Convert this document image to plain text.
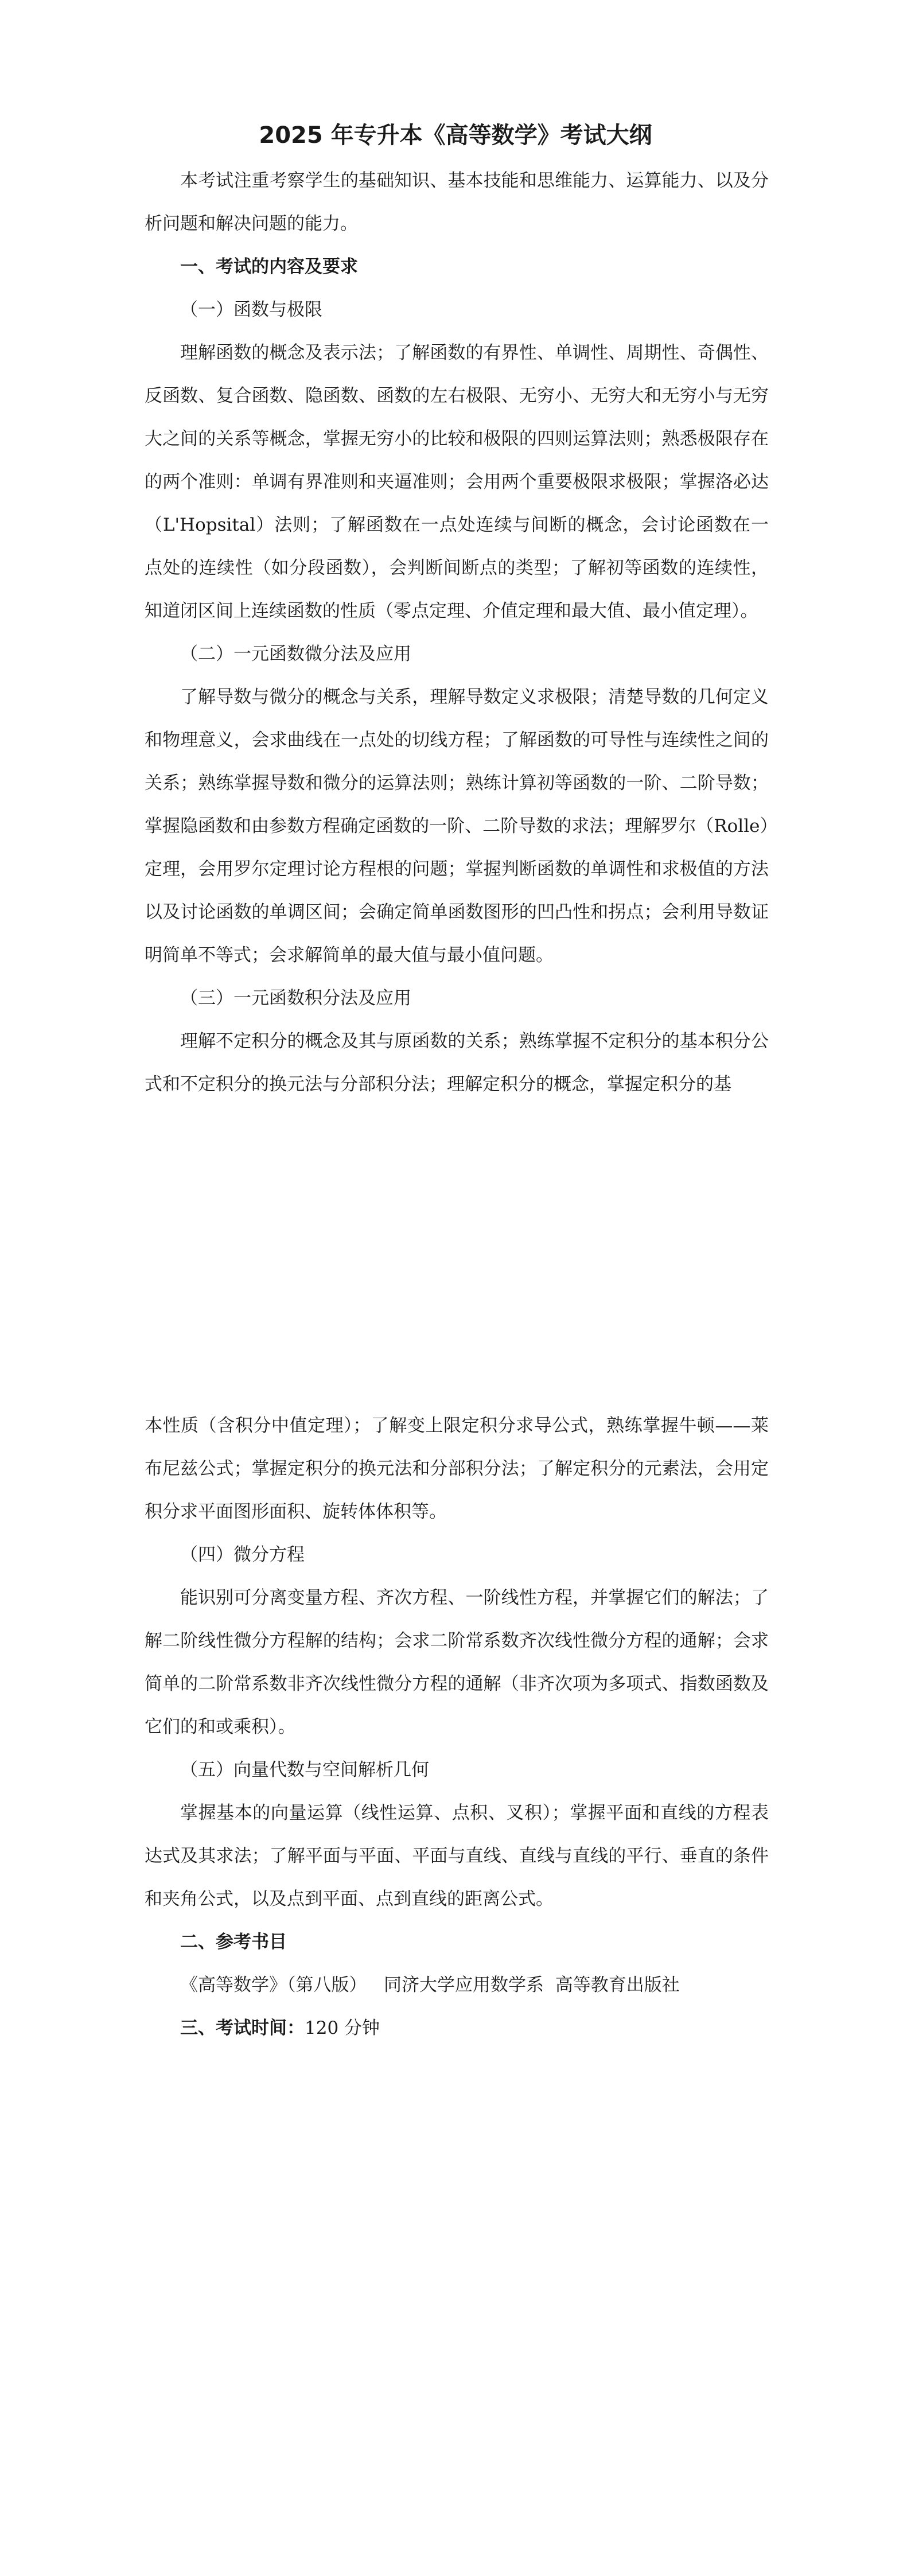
2025 年专升本《高等数学》考试大纲

本考试注重考察学生的基础知识、基本技能和思维能力、运算能力、以及分析问题和解决问题的能力。

一、考试的内容及要求

（一）函数与极限

理解函数的概念及表示法；了解函数的有界性、单调性、周期性、奇偶性、反函数、复合函数、隐函数、函数的左右极限、无穷小、无穷大和无穷小与无穷大之间的关系等概念，掌握无穷小的比较和极限的四则运算法则；熟悉极限存在的两个准则：单调有界准则和夹逼准则；会用两个重要极限求极限；掌握洛必达（L'Hopsital）法则；了解函数在一点处连续与间断的概念，会讨论函数在一点处的连续性（如分段函数），会判断间断点的类型；了解初等函数的连续性，知道闭区间上连续函数的性质（零点定理、介值定理和最大值、最小值定理）。

（二）一元函数微分法及应用

了解导数与微分的概念与关系，理解导数定义求极限；清楚导数的几何定义和物理意义，会求曲线在一点处的切线方程；了解函数的可导性与连续性之间的关系；熟练掌握导数和微分的运算法则；熟练计算初等函数的一阶、二阶导数；掌握隐函数和由参数方程确定函数的一阶、二阶导数的求法；理解罗尔（Rolle）定理，会用罗尔定理讨论方程根的问题；掌握判断函数的单调性和求极值的方法以及讨论函数的单调区间；会确定简单函数图形的凹凸性和拐点；会利用导数证明简单不等式；会求解简单的最大值与最小值问题。

（三）一元函数积分法及应用

理解不定积分的概念及其与原函数的关系；熟练掌握不定积分的基本积分公式和不定积分的换元法与分部积分法；理解定积分的概念，掌握定积分的基

本性质（含积分中值定理）；了解变上限定积分求导公式，熟练掌握牛顿——莱布尼兹公式；掌握定积分的换元法和分部积分法；了解定积分的元素法，会用定积分求平面图形面积、旋转体体积等。

（四）微分方程

能识别可分离变量方程、齐次方程、一阶线性方程，并掌握它们的解法；了解二阶线性微分方程解的结构；会求二阶常系数齐次线性微分方程的通解；会求简单的二阶常系数非齐次线性微分方程的通解（非齐次项为多项式、指数函数及它们的和或乘积）。

（五）向量代数与空间解析几何

掌握基本的向量运算（线性运算、点积、叉积）；掌握平面和直线的方程表达式及其求法；了解平面与平面、平面与直线、直线与直线的平行、垂直的条件和夹角公式，以及点到平面、点到直线的距离公式。

二、参考书目

《高等数学》（第八版）   同济大学应用数学系  高等教育出版社

三、考试时间：120 分钟
